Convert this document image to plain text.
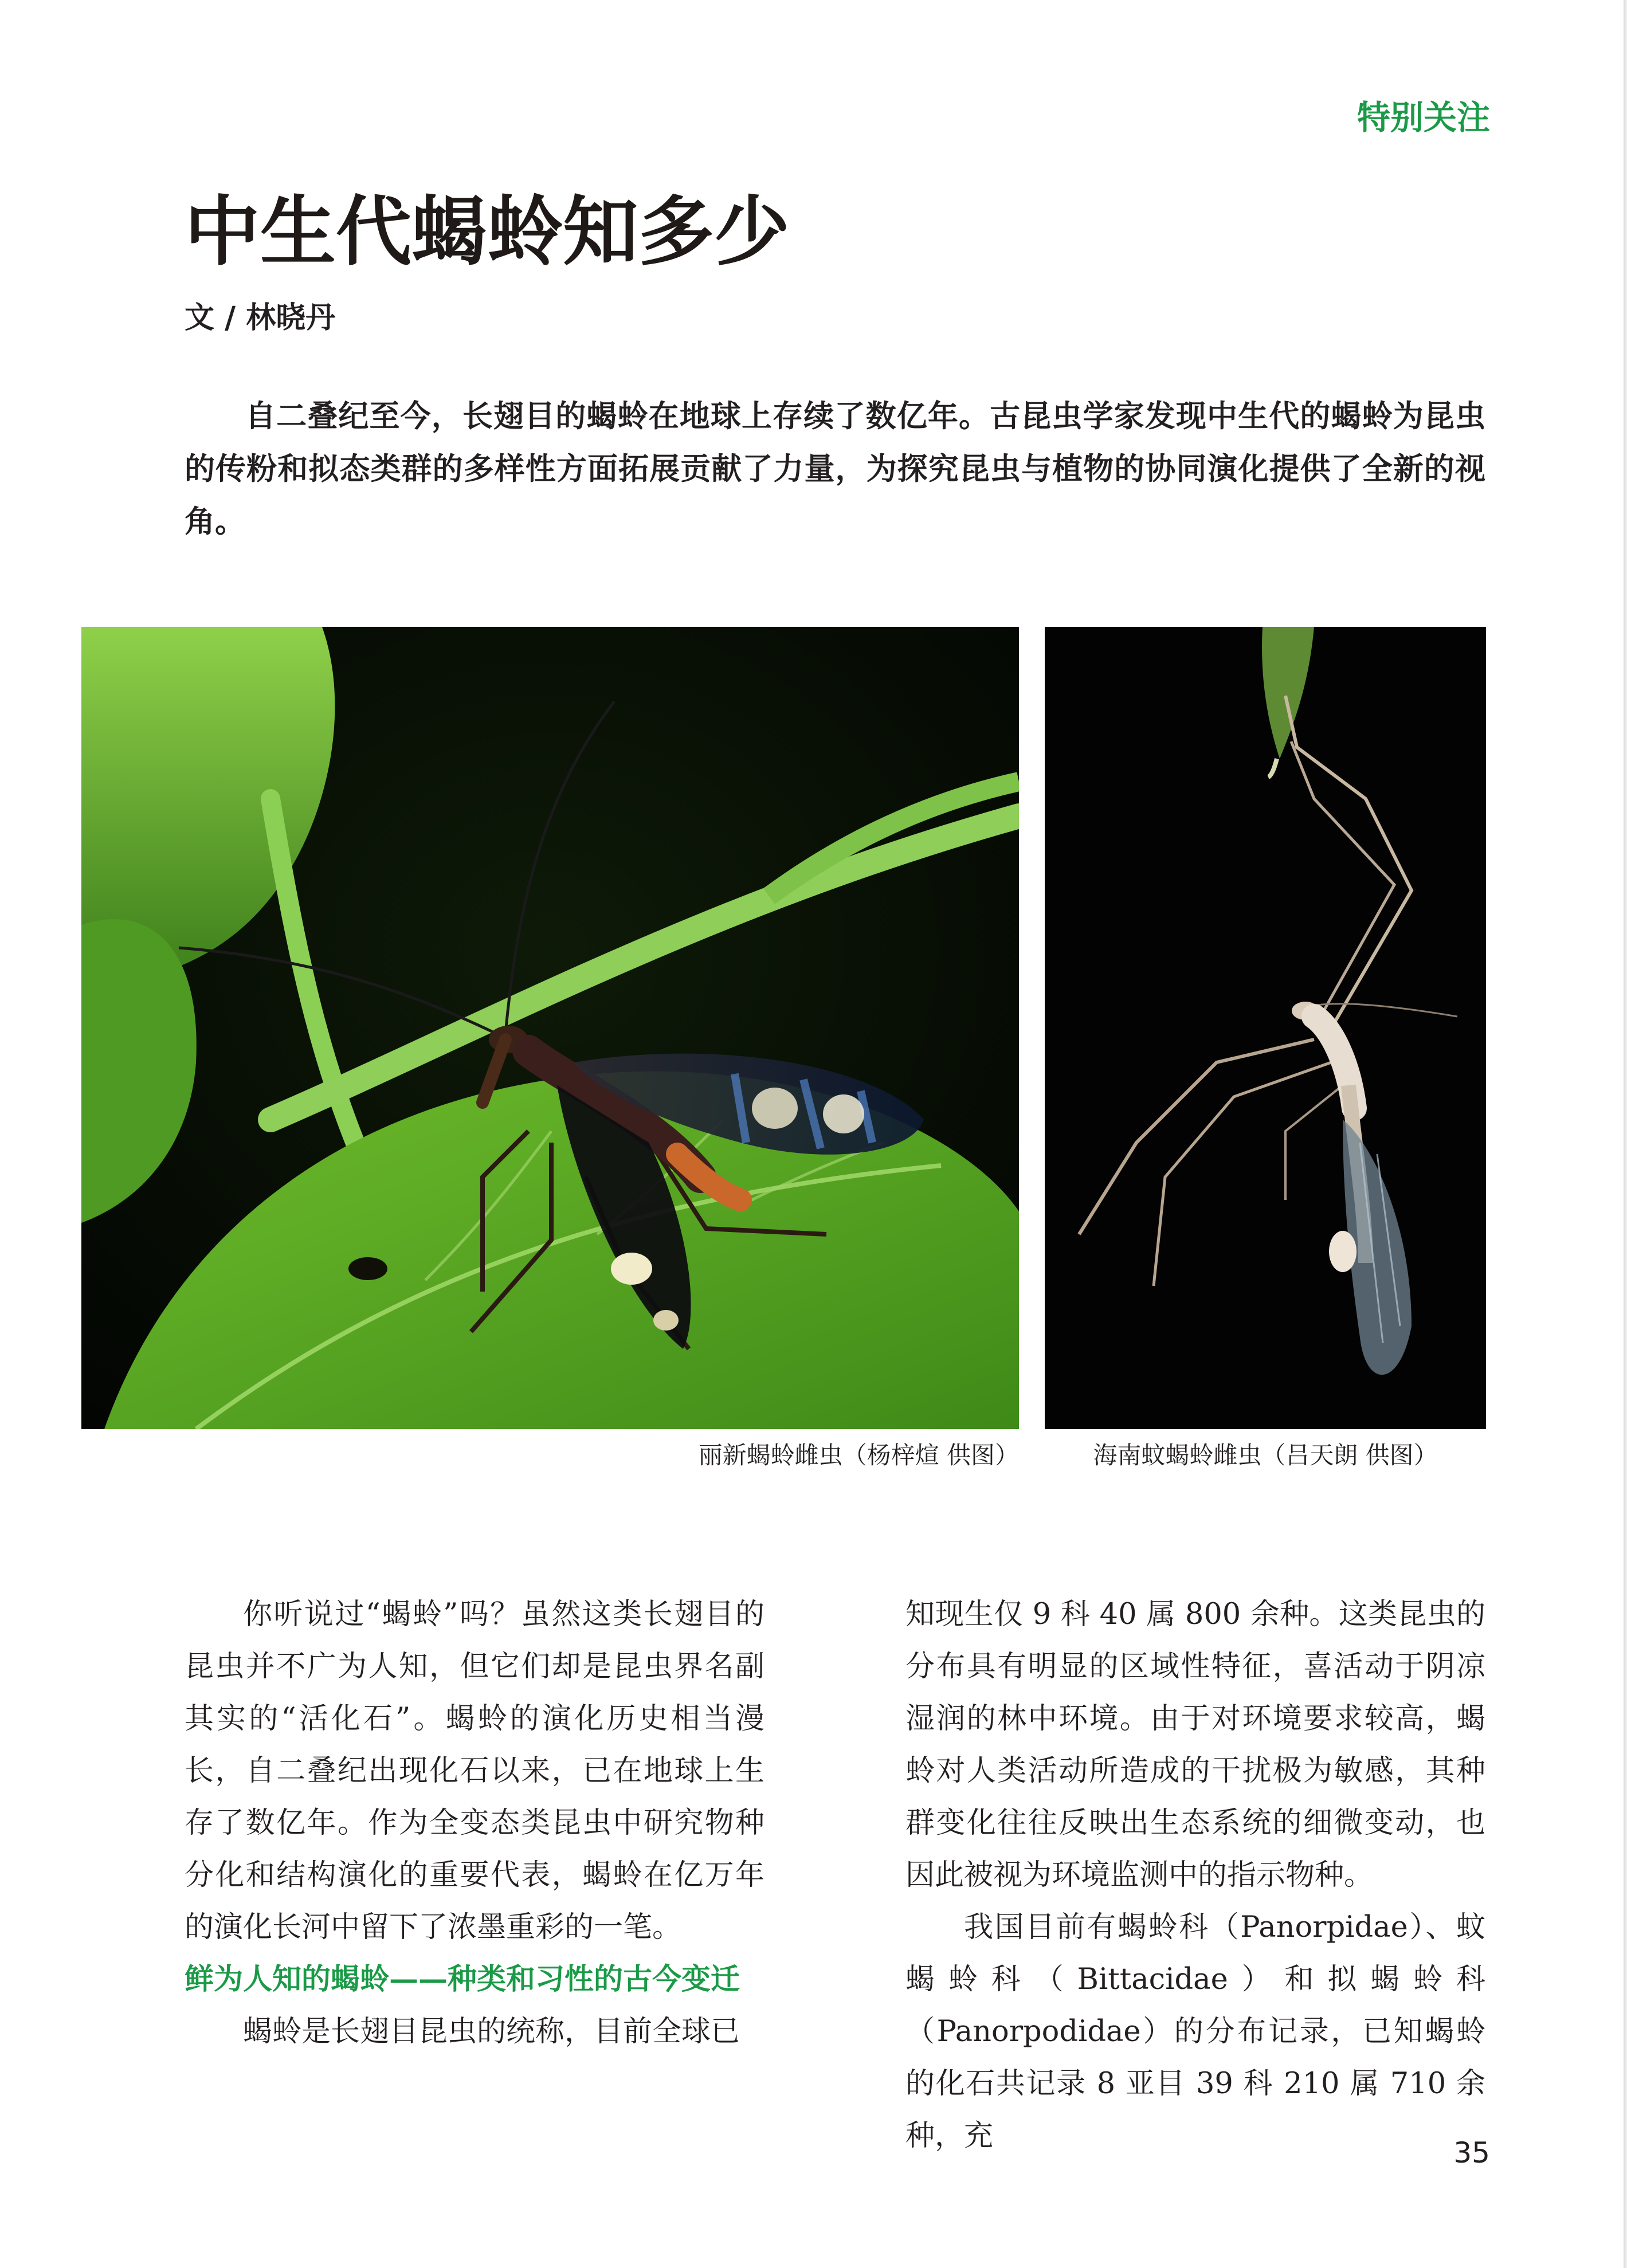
特别关注
中生代蝎蛉知多少
文 / 林晓丹

自二叠纪至今，长翅目的蝎蛉在地球上存续了数亿年。古昆虫学家发现中生代的蝎蛉为昆虫的传粉和拟态类群的多样性方面拓展贡献了力量，为探究昆虫与植物的协同演化提供了全新的视角。

丽新蝎蛉雌虫（杨梓煊 供图）	海南蚊蝎蛉雌虫（吕天朗 供图）

你听说过“蝎蛉”吗？虽然这类长翅目的昆虫并不广为人知，但它们却是昆虫界名副其实的“活化石”。蝎蛉的演化历史相当漫长，自二叠纪出现化石以来，已在地球上生存了数亿年。作为全变态类昆虫中研究物种分化和结构演化的重要代表，蝎蛉在亿万年的演化长河中留下了浓墨重彩的一笔。

鲜为人知的蝎蛉——种类和习性的古今变迁

蝎蛉是长翅目昆虫的统称，目前全球已

知现生仅 9 科 40 属 800 余种。这类昆虫的分布具有明显的区域性特征，喜活动于阴凉湿润的林中环境。由于对环境要求较高，蝎蛉对人类活动所造成的干扰极为敏感，其种群变化往往反映出生态系统的细微变动，也因此被视为环境监测中的指示物种。

我国目前有蝎蛉科（Panorpidae）、蚊蝎蛉科（Bittacidae）和拟蝎蛉科（Panorpodidae）的分布记录，已知蝎蛉的化石共记录 8 亚目 39 科 210 属 710 余种，充	35
